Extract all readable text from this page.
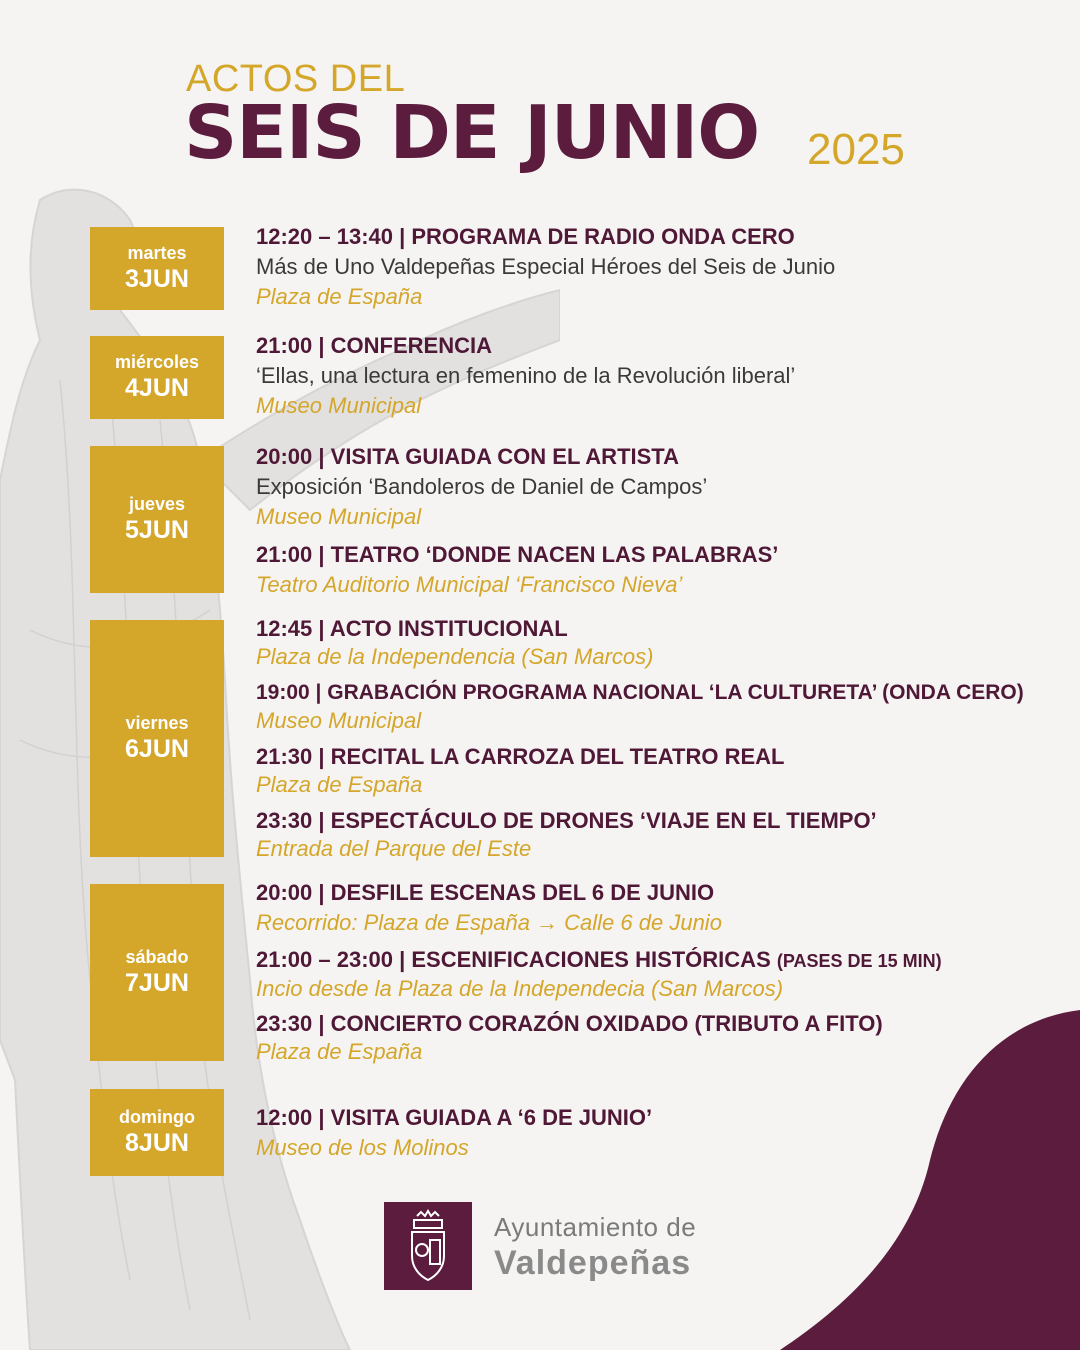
ACTOS DEL
SEIS DE JUNIO 2025
martes
3JUN
miércoles
4JUN
jueves
5JUN
viernes
6JUN
sábado
7JUN
domingo
8JUN
12:20 – 13:40 | PROGRAMA DE RADIO ONDA CERO
Más de Uno Valdepeñas Especial Héroes del Seis de Junio
Plaza de España
21:00 | CONFERENCIA
‘Ellas, una lectura en femenino de la Revolución liberal’
Museo Municipal
20:00 | VISITA GUIADA CON EL ARTISTA
Exposición ‘Bandoleros de Daniel de Campos’
Museo Municipal
21:00 | TEATRO ‘DONDE NACEN LAS PALABRAS’
Teatro Auditorio Municipal ‘Francisco Nieva’
12:45 | ACTO INSTITUCIONAL
Plaza de la Independencia (San Marcos)
19:00 | GRABACIÓN PROGRAMA NACIONAL ‘LA CULTURETA’ (ONDA CERO)
Museo Municipal
21:30 | RECITAL LA CARROZA DEL TEATRO REAL
Plaza de España
23:30 | ESPECTÁCULO DE DRONES ‘VIAJE EN EL TIEMPO’
Entrada del Parque del Este
20:00 | DESFILE ESCENAS DEL 6 DE JUNIO
Recorrido: Plaza de España → Calle 6 de Junio
21:00 – 23:00 | ESCENIFICACIONES HISTÓRICAS (PASES DE 15 MIN)
Incio desde la Plaza de la Independecia (San Marcos)
23:30 | CONCIERTO CORAZÓN OXIDADO (TRIBUTO A FITO)
Plaza de España
12:00 | VISITA GUIADA A ‘6 DE JUNIO’
Museo de los Molinos
Ayuntamiento de
Valdepeñas
